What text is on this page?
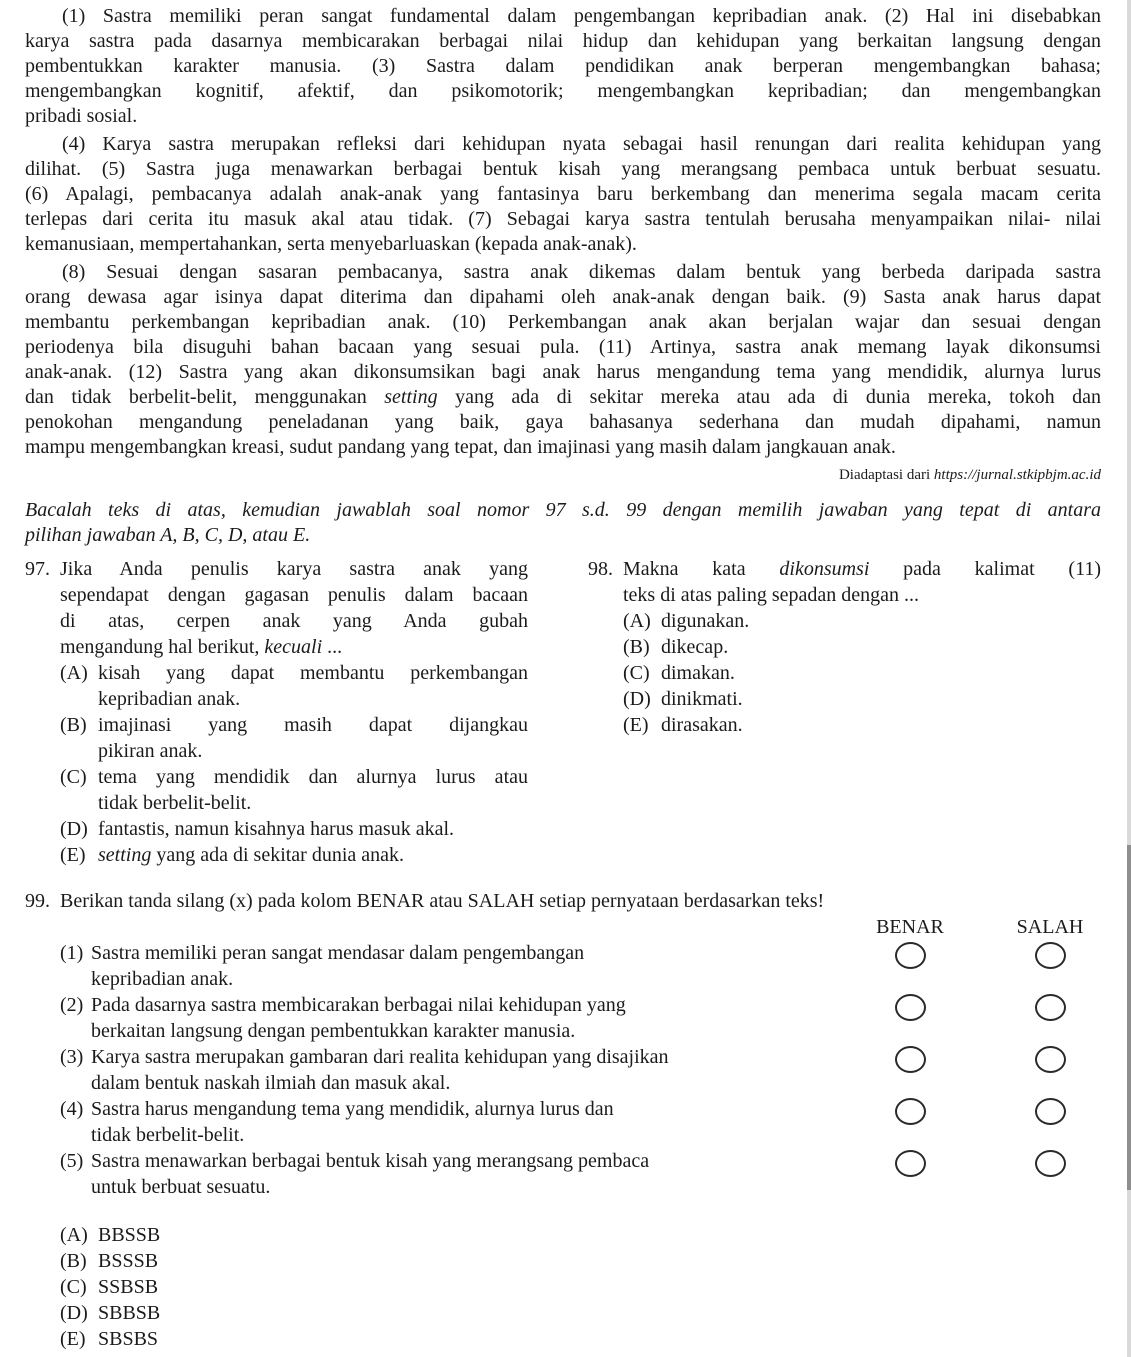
(1) Sastra memiliki peran sangat fundamental dalam pengembangan kepribadian anak. (2) Hal ini disebabkan
karya sastra pada dasarnya membicarakan berbagai nilai hidup dan kehidupan yang berkaitan langsung dengan
pembentukkan karakter manusia. (3) Sastra dalam pendidikan anak berperan mengembangkan bahasa;
mengembangkan kognitif, afektif, dan psikomotorik; mengembangkan kepribadian; dan mengembangkan
pribadi sosial.
(4) Karya sastra merupakan refleksi dari kehidupan nyata sebagai hasil renungan dari realita kehidupan yang
dilihat. (5) Sastra juga menawarkan berbagai bentuk kisah yang merangsang pembaca untuk berbuat sesuatu.
(6) Apalagi, pembacanya adalah anak-anak yang fantasinya baru berkembang dan menerima segala macam cerita
terlepas dari cerita itu masuk akal atau tidak. (7) Sebagai karya sastra tentulah berusaha menyampaikan nilai- nilai
kemanusiaan, mempertahankan, serta menyebarluaskan (kepada anak-anak).
(8) Sesuai dengan sasaran pembacanya, sastra anak dikemas dalam bentuk yang berbeda daripada sastra
orang dewasa agar isinya dapat diterima dan dipahami oleh anak-anak dengan baik. (9) Sasta anak harus dapat
membantu perkembangan kepribadian anak. (10) Perkembangan anak akan berjalan wajar dan sesuai dengan
periodenya bila disuguhi bahan bacaan yang sesuai pula. (11) Artinya, sastra anak memang layak dikonsumsi
anak-anak. (12) Sastra yang akan dikonsumsikan bagi anak harus mengandung tema yang mendidik, alurnya lurus
dan tidak berbelit-belit, menggunakan setting yang ada di sekitar mereka atau ada di dunia mereka, tokoh dan
penokohan mengandung peneladanan yang baik, gaya bahasanya sederhana dan mudah dipahami, namun
mampu mengembangkan kreasi, sudut pandang yang tepat, dan imajinasi yang masih dalam jangkauan anak.
Diadaptasi dari https://jurnal.stkipbjm.ac.id
Bacalah teks di atas, kemudian jawablah soal nomor 97 s.d. 99 dengan memilih jawaban yang tepat di antara
pilihan jawaban A, B, C, D, atau E.
97. Jika Anda penulis karya sastra anak yang
sependapat dengan gagasan penulis dalam bacaan
di atas, cerpen anak yang Anda gubah
mengandung hal berikut, kecuali ...
(A) kisah yang dapat membantu perkembangan
kepribadian anak.
(B) imajinasi yang masih dapat dijangkau
pikiran anak.
(C) tema yang mendidik dan alurnya lurus atau
tidak berbelit-belit.
(D) fantastis, namun kisahnya harus masuk akal.
(E) setting yang ada di sekitar dunia anak.
98. Makna kata dikonsumsi pada kalimat (11)
teks di atas paling sepadan dengan ...
(A) digunakan.
(B) dikecap.
(C) dimakan.
(D) dinikmati.
(E) dirasakan.
99. Berikan tanda silang (x) pada kolom BENAR atau SALAH setiap pernyataan berdasarkan teks!
BENAR	SALAH
(1) Sastra memiliki peran sangat mendasar dalam pengembangan
kepribadian anak.
(2) Pada dasarnya sastra membicarakan berbagai nilai kehidupan yang
berkaitan langsung dengan pembentukkan karakter manusia.
(3) Karya sastra merupakan gambaran dari realita kehidupan yang disajikan
dalam bentuk naskah ilmiah dan masuk akal.
(4) Sastra harus mengandung tema yang mendidik, alurnya lurus dan
tidak berbelit-belit.
(5) Sastra menawarkan berbagai bentuk kisah yang merangsang pembaca
untuk berbuat sesuatu.
(A) BBSSB
(B) BSSSB
(C) SSBSB
(D) SBBSB
(E) SBSBS
